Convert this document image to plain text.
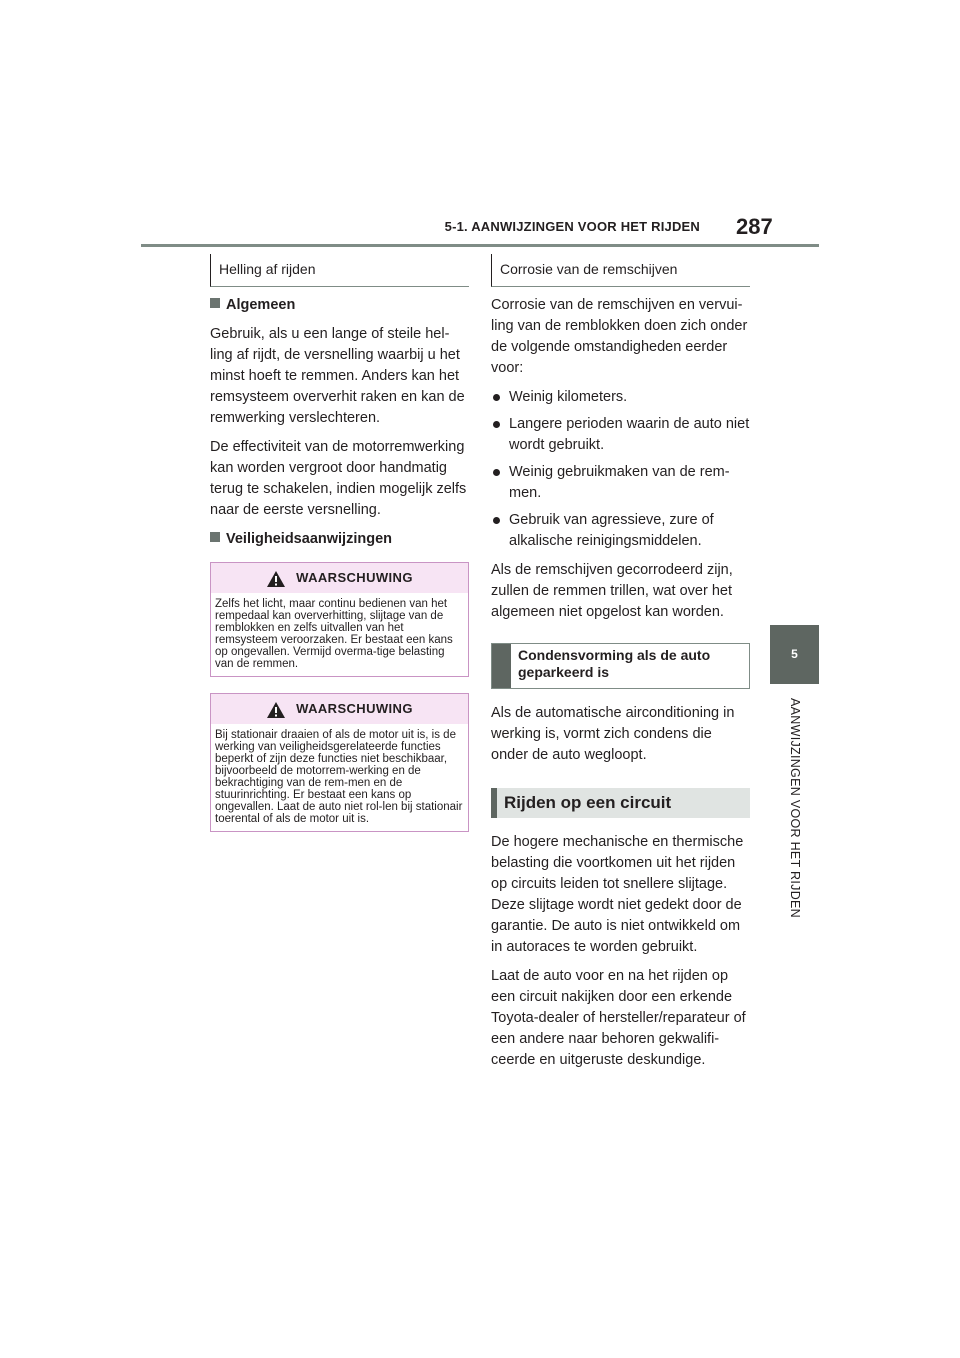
5-1. AANWIJZINGEN VOOR HET RIJDEN 287
5
AANWIJZINGEN VOOR HET RIJDEN
Helling af rijden
Algemeen

Gebruik, als u een lange of steile hel-ling af rijdt, de versnelling waarbij u het minst hoeft te remmen. Anders kan het remsysteem oververhit raken en kan de remwerking verslechteren.

De effectiviteit van de motorremwerking kan worden vergroot door handmatig terug te schakelen, indien mogelijk zelfs naar de eerste versnelling.

Veiligheidsaanwijzingen
WAARSCHUWING
Zelfs het licht, maar continu bedienen van het rempedaal kan oververhitting, slijtage van de remblokken en zelfs uitvallen van het remsysteem veroorzaken. Er bestaat een kans op ongevallen. Vermijd overma-tige belasting van de remmen.
WAARSCHUWING
Bij stationair draaien of als de motor uit is, is de werking van veiligheidsgerelateerde functies beperkt of zijn deze functies niet beschikbaar, bijvoorbeeld de motorrem-werking en de bekrachtiging van de rem-men en de stuurinrichting. Er bestaat een kans op ongevallen. Laat de auto niet rol-len bij stationair toerental of als de motor uit is.
Corrosie van de remschijven

Corrosie van de remschijven en vervui-ling van de remblokken doen zich onder de volgende omstandigheden eerder voor:

Weinig kilometers.
Langere perioden waarin de auto niet wordt gebruikt.
Weinig gebruikmaken van de rem-men.
Gebruik van agressieve, zure of alkalische reinigingsmiddelen.

Als de remschijven gecorrodeerd zijn, zullen de remmen trillen, wat over het algemeen niet opgelost kan worden.

Condensvorming als de auto geparkeerd is

Als de automatische airconditioning in werking is, vormt zich condens die onder de auto wegloopt.

Rijden op een circuit

De hogere mechanische en thermische belasting die voortkomen uit het rijden op circuits leiden tot snellere slijtage. Deze slijtage wordt niet gedekt door de garantie. De auto is niet ontwikkeld om in autoraces te worden gebruikt.

Laat de auto voor en na het rijden op een circuit nakijken door een erkende Toyota-dealer of hersteller/reparateur of een andere naar behoren gekwalifi-ceerde en uitgeruste deskundige.
